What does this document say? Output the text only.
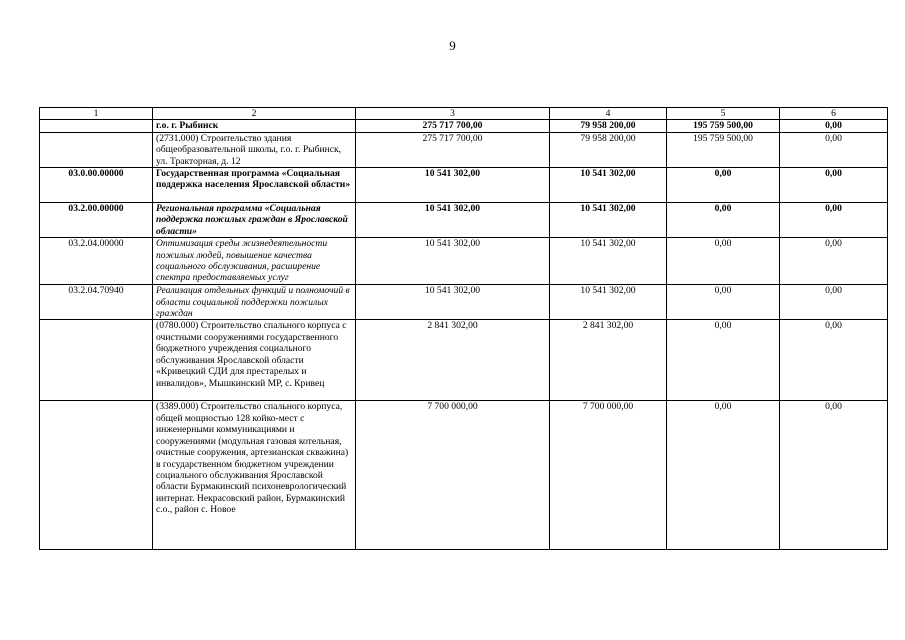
9
1	2	3	4	5	6
	г.о. г. Рыбинск	275 717 700,00	79 958 200,00	195 759 500,00	0,00
	(2731.000) Строительство здания общеобразовательной школы, г.о. г. Рыбинск, ул. Тракторная, д. 12	275 717 700,00	79 958 200,00	195 759 500,00	0,00
03.0.00.00000	Государственная программа «Социальная поддержка населения Ярославской области»	10 541 302,00	10 541 302,00	0,00	0,00
03.2.00.00000	Региональная программа «Социальная поддержка пожилых граждан в Ярославской области»	10 541 302,00	10 541 302,00	0,00	0,00
03.2.04.00000	Оптимизация среды жизнедеятельности пожилых людей, повышение качества социального обслуживания, расширение спектра предоставляемых услуг	10 541 302,00	10 541 302,00	0,00	0,00
03.2.04.70940	Реализация отдельных функций и полномочий в области социальной поддержки пожилых граждан	10 541 302,00	10 541 302,00	0,00	0,00
	(0780.000) Строительство спального корпуса с очистными сооружениями государственного бюджетного учреждения социального обслуживания Ярославской области «Кривецкий СДИ для престарелых и инвалидов», Мышкинский МР, с. Кривец	2 841 302,00	2 841 302,00	0,00	0,00
	(3389.000) Строительство спального корпуса, общей мощностью 128 койко-мест с инженерными коммуникациями и сооружениями (модульная газовая котельная, очистные сооружения, артезианская скважина) в государственном бюджетном учреждении социального обслуживания Ярославской области Бурмакинский психоневрологический интернат. Некрасовский район, Бурмакинский с.о., район с. Новое	7 700 000,00	7 700 000,00	0,00	0,00
